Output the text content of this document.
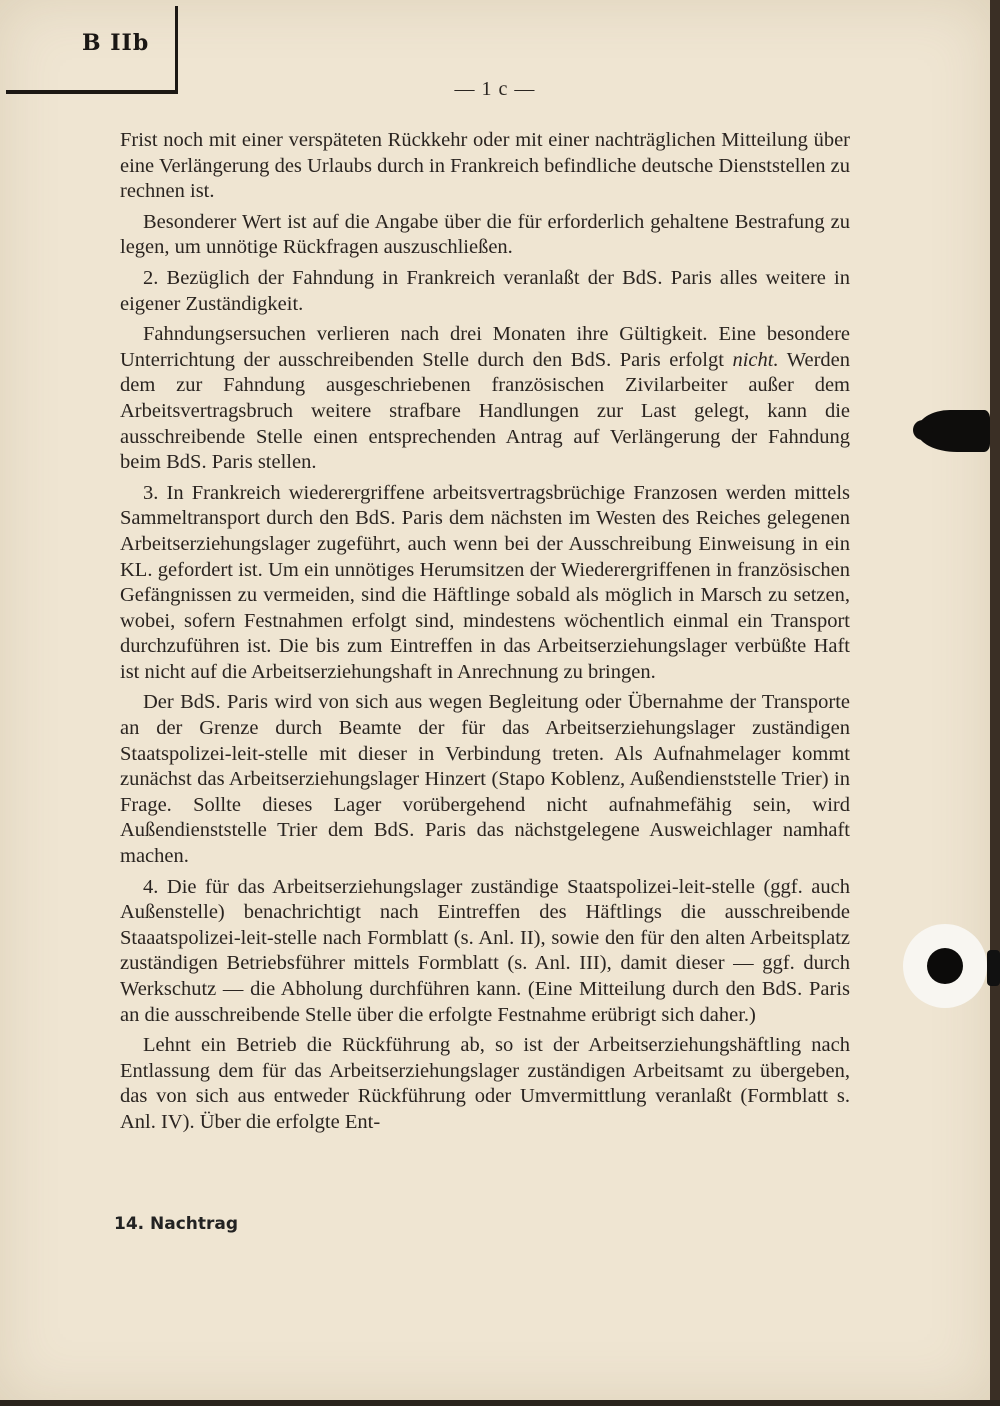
B IIb
— 1 c —

Frist noch mit einer verspäteten Rückkehr oder mit einer nachträglichen Mitteilung über eine Verlängerung des Urlaubs durch in Frankreich befindliche deutsche Dienststellen zu rechnen ist.

Besonderer Wert ist auf die Angabe über die für erforderlich gehaltene Bestrafung zu legen, um unnötige Rückfragen auszuschließen.

2. Bezüglich der Fahndung in Frankreich veranlaßt der BdS. Paris alles weitere in eigener Zuständigkeit.

Fahndungsersuchen verlieren nach drei Monaten ihre Gültigkeit. Eine besondere Unterrichtung der ausschreibenden Stelle durch den BdS. Paris erfolgt nicht. Werden dem zur Fahndung ausgeschriebenen französischen Zivilarbeiter außer dem Arbeitsvertragsbruch weitere strafbare Handlungen zur Last gelegt, kann die ausschreibende Stelle einen entsprechenden Antrag auf Verlängerung der Fahndung beim BdS. Paris stellen.

3. In Frankreich wiederergriffene arbeitsvertragsbrüchige Franzosen werden mittels Sammeltransport durch den BdS. Paris dem nächsten im Westen des Reiches gelegenen Arbeitserziehungslager zugeführt, auch wenn bei der Ausschreibung Einweisung in ein KL. gefordert ist. Um ein unnötiges Herumsitzen der Wiederergriffenen in französischen Gefängnissen zu vermeiden, sind die Häftlinge sobald als möglich in Marsch zu setzen, wobei, sofern Festnahmen erfolgt sind, mindestens wöchentlich einmal ein Transport durchzuführen ist. Die bis zum Eintreffen in das Arbeitserziehungslager verbüßte Haft ist nicht auf die Arbeitserziehungshaft in Anrechnung zu bringen.

Der BdS. Paris wird von sich aus wegen Begleitung oder Übernahme der Transporte an der Grenze durch Beamte der für das Arbeitserziehungslager zuständigen Staatspolizei-leit-stelle mit dieser in Verbindung treten. Als Aufnahmelager kommt zunächst das Arbeitserziehungslager Hinzert (Stapo Koblenz, Außendienststelle Trier) in Frage. Sollte dieses Lager vorübergehend nicht aufnahmefähig sein, wird Außendienststelle Trier dem BdS. Paris das nächstgelegene Ausweichlager namhaft machen.

4. Die für das Arbeitserziehungslager zuständige Staatspolizei-leit-stelle (ggf. auch Außenstelle) benachrichtigt nach Eintreffen des Häftlings die ausschreibende Staaatspolizei-leit-stelle nach Formblatt (s. Anl. II), sowie den für den alten Arbeitsplatz zuständigen Betriebsführer mittels Formblatt (s. Anl. III), damit dieser — ggf. durch Werkschutz — die Abholung durchführen kann. (Eine Mitteilung durch den BdS. Paris an die ausschreibende Stelle über die erfolgte Festnahme erübrigt sich daher.)

Lehnt ein Betrieb die Rückführung ab, so ist der Arbeitserziehungshäftling nach Entlassung dem für das Arbeitserziehungslager zuständigen Arbeitsamt zu übergeben, das von sich aus entweder Rückführung oder Umvermittlung veranlaßt (Formblatt s. Anl. IV). Über die erfolgte Ent-

14. Nachtrag
